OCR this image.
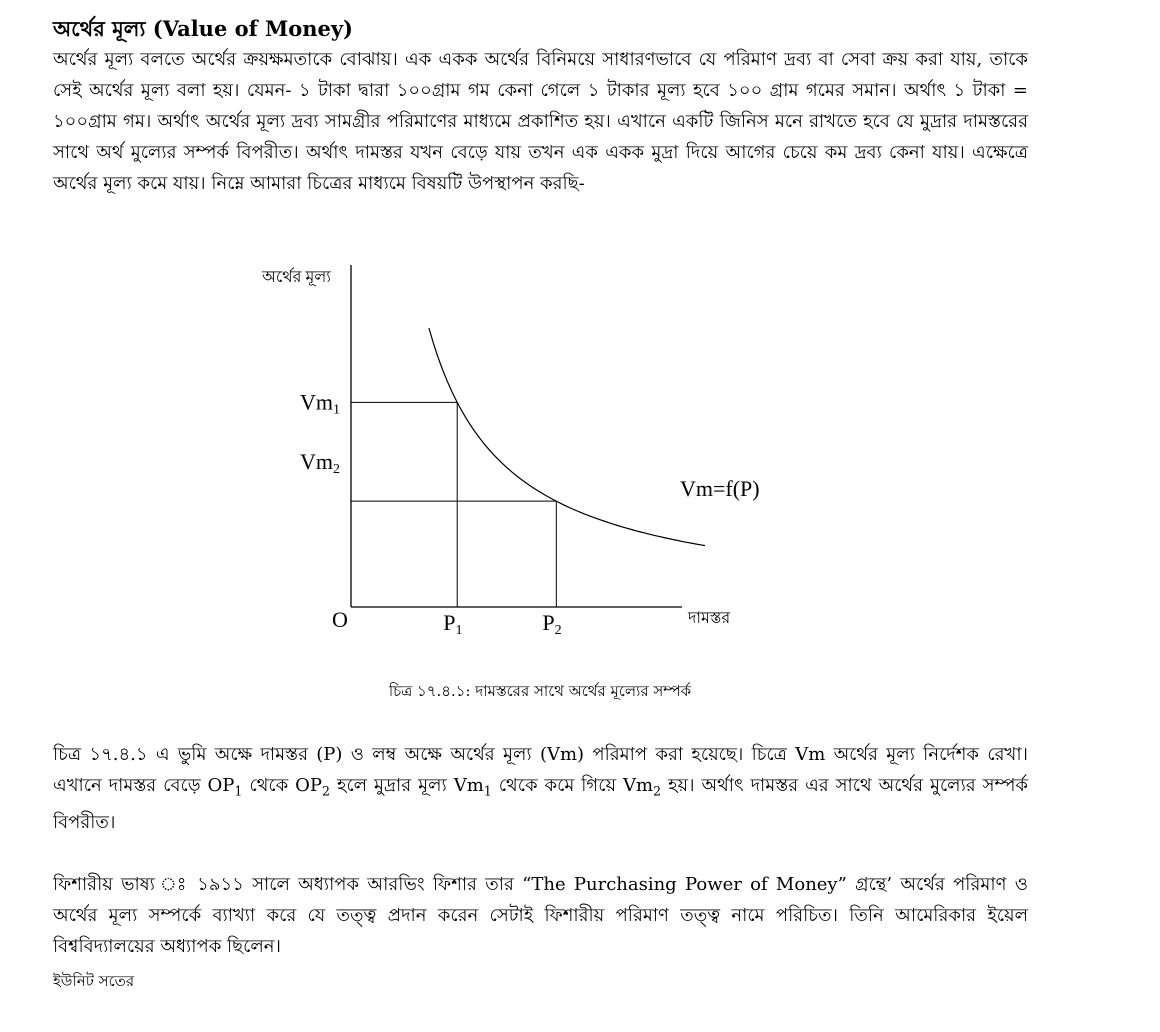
অর্থের মূল্য (Value of Money)

অর্থের মূল্য বলতে অর্থের ক্রয়ক্ষমতাকে বোঝায়। এক একক অর্থের বিনিময়ে সাধারণভাবে যে পরিমাণ দ্রব্য বা সেবা ক্রয় করা যায়, তাকে সেই অর্থের মূল্য বলা হয়। যেমন- ১ টাকা দ্বারা ১০০গ্রাম গম কেনা গেলে ১ টাকার মূল্য হবে ১০০ গ্রাম গমের সমান। অর্থাৎ ১ টাকা = ১০০গ্রাম গম। অর্থাৎ অর্থের মূল্য দ্রব্য সামগ্রীর পরিমাণের মাধ্যমে প্রকাশিত হয়। এখানে একটি জিনিস মনে রাখতে হবে যে মুদ্রার দামস্তরের সাথে অর্থ মুল্যের সম্পর্ক বিপরীত। অর্থাৎ দামস্তর যখন বেড়ে যায় তখন এক একক মুদ্রা দিয়ে আগের চেয়ে কম দ্রব্য কেনা যায়। এক্ষেত্রে অর্থের মূল্য কমে যায়। নিম্নে আমারা চিত্রের মাধ্যমে বিষয়টি উপস্থাপন করছি-

অর্থের মূল্য
দামস্তর
O
Vm=f(P)
Vm1
Vm2
P1	P2
চিত্র ১৭.৪.১: দামস্তরের সাথে অর্থের মূল্যের সম্পর্ক

চিত্র ১৭.৪.১ এ ভুমি অক্ষে দামস্তর (P) ও লম্ব অক্ষে অর্থের মূল্য (Vm) পরিমাপ করা হয়েছে। চিত্রে Vm অর্থের মূল্য নির্দেশক রেখা। এখানে দামস্তর বেড়ে $OP_1$ থেকে $OP_2$ হলে মুদ্রার মূল্য $Vm_1$ থেকে কমে গিয়ে $Vm_2$ হয়। অর্থাৎ দামস্তর এর সাথে অর্থের মুল্যের সম্পর্ক বিপরীত।

ফিশারীয় ভাষ্য ঃ ১৯১১ সালে অধ্যাপক আরভিং ফিশার তার “The Purchasing Power of Money” গ্রন্থে’ অর্থের পরিমাণ ও অর্থের মূল্য সম্পর্কে ব্যাখ্যা করে যে তত্ত্ব প্রদান করেন সেটাই ফিশারীয় পরিমাণ তত্ত্ব নামে পরিচিত। তিনি আমেরিকার ইয়েল বিশ্ববিদ্যালয়ের অধ্যাপক ছিলেন।

ইউনিট সতের
